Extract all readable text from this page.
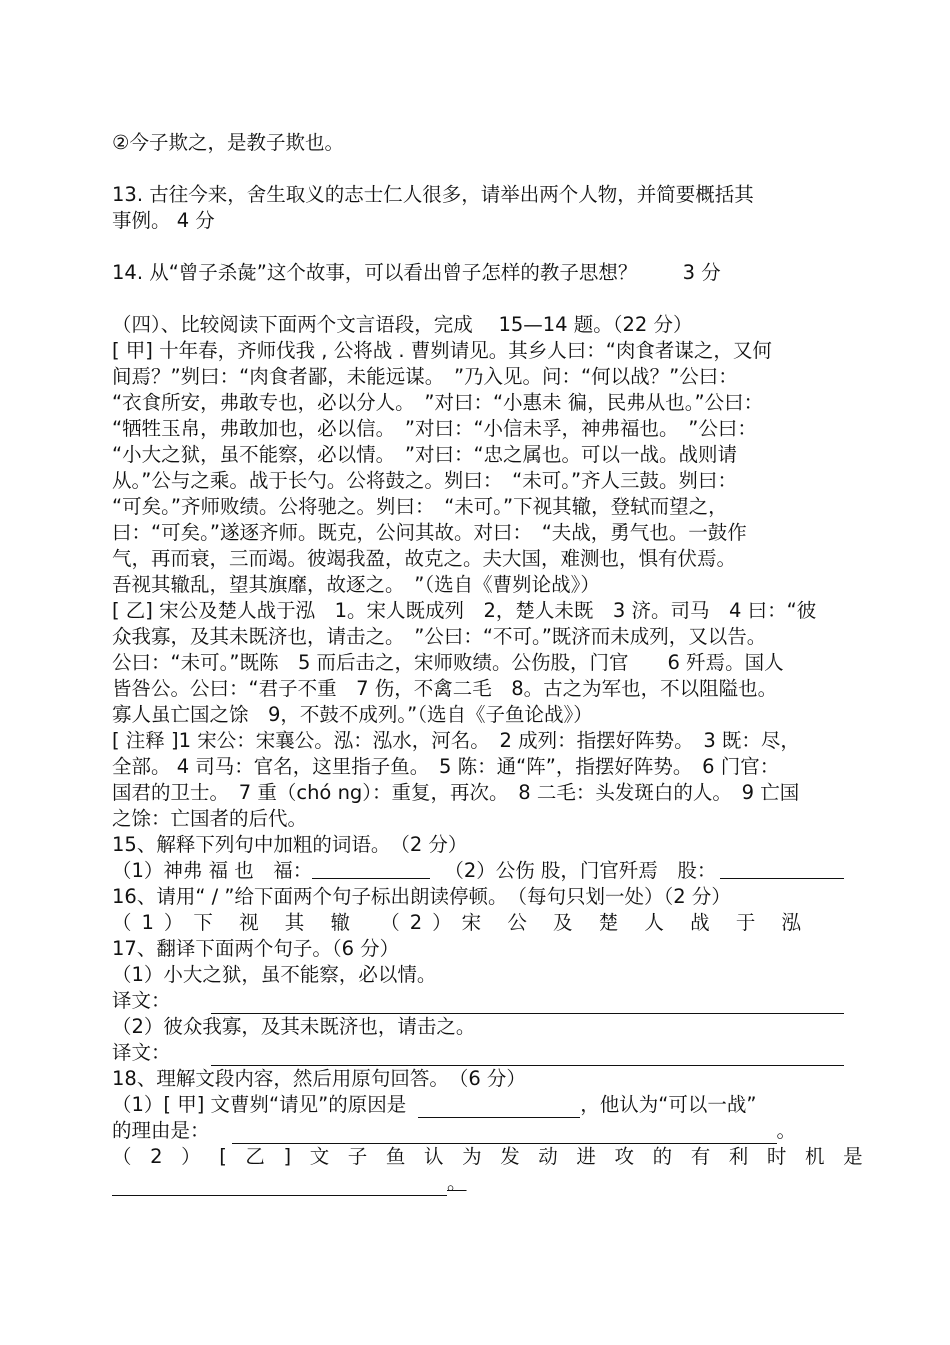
②今子欺之，是教子欺也。

13. 古往今来，舍生取义的志士仁人很多，请举出两个人物，并简要概括其

事例。 4 分

14. 从“曾子杀彘”这个故事，可以看出曾子怎样的教子思想？ 　　3 分

（四）、比较阅读下面两个文言语段，完成　 15—14 题。（22 分）

[ 甲] 十年春，齐师伐我 , 公将战 . 曹刿请见。其乡人曰：“肉食者谋之，又何

间焉？”刿曰：“肉食者鄙，未能远谋。　”乃入见。问：“何以战？”公曰：

“衣食所安，弗敢专也，必以分人。　”对曰：“小惠未 徧，民弗从也。”公曰：

“牺牲玉帛，弗敢加也，必以信。　”对曰：“小信未孚，神弗福也。　”公曰：

“小大之狱，虽不能察，必以情。　”对曰：“忠之属也。可以一战。战则请

从。”公与之乘。战于长勺。公将鼓之。刿曰：　“未可。”齐人三鼓。刿曰：

“可矣。”齐师败绩。公将驰之。刿曰：　“未可。”下视其辙，登轼而望之，

曰：“可矣。”遂逐齐师。既克，公问其故。对曰：　“夫战，勇气也。一鼓作

气，再而衰，三而竭。彼竭我盈，故克之。夫大国，难测也，惧有伏焉。

吾视其辙乱，望其旗靡，故逐之。　”（选自《曹刿论战》）

[ 乙] 宋公及楚人战于泓　1。宋人既成列　2，楚人未既　3 济。司马　4 曰：“彼

众我寡，及其未既济也，请击之。　”公曰：“不可。”既济而未成列，又以告。

公曰：“未可。”既陈　5 而后击之，宋师败绩。公伤股，门官　　6 歼焉。国人

皆咎公。公曰：“君子不重　7 伤，不禽二毛　8。古之为军也，不以阻隘也。

寡人虽亡国之馀　9，不鼓不成列。”（选自《子鱼论战》）

[ 注释 ]1 宋公：宋襄公。泓：泓水，河名。　2 成列：指摆好阵势。　3 既：尽，

全部。 4 司马：官名，这里指子鱼。　5 陈：通“阵”，指摆好阵势。　6 门官：

国君的卫士。　7 重（chó ng）：重复，再次。　8 二毛：头发斑白的人。　9 亡国

之馀：亡国者的后代。

15、解释下列句中加粗的词语。　（2 分）

（1）神弗 福 也　福：	（2）公伤 股，门官歼焉　股：

16、请用“ / ”给下面两个句子标出朗读停顿。　（每句只划一处）（2 分）

（1）下 视 其 辙 （2）宋 公 及 楚 人 战 于 泓

17、翻译下面两个句子。（6 分）

（1）小大之狱，虽不能察，必以情。

译文：

（2）彼众我寡，及其未既济也，请击之。

译文：

18、理解文段内容，然后用原句回答。　（6 分）

（1）[ 甲] 文曹刿“请见”的原因是	，他认为“可以一战”
的理由是：	。

（ 2 ） [ 乙 ] 文 子 鱼 认 为 发 动 进 攻 的 有 利 时 机 是

。
